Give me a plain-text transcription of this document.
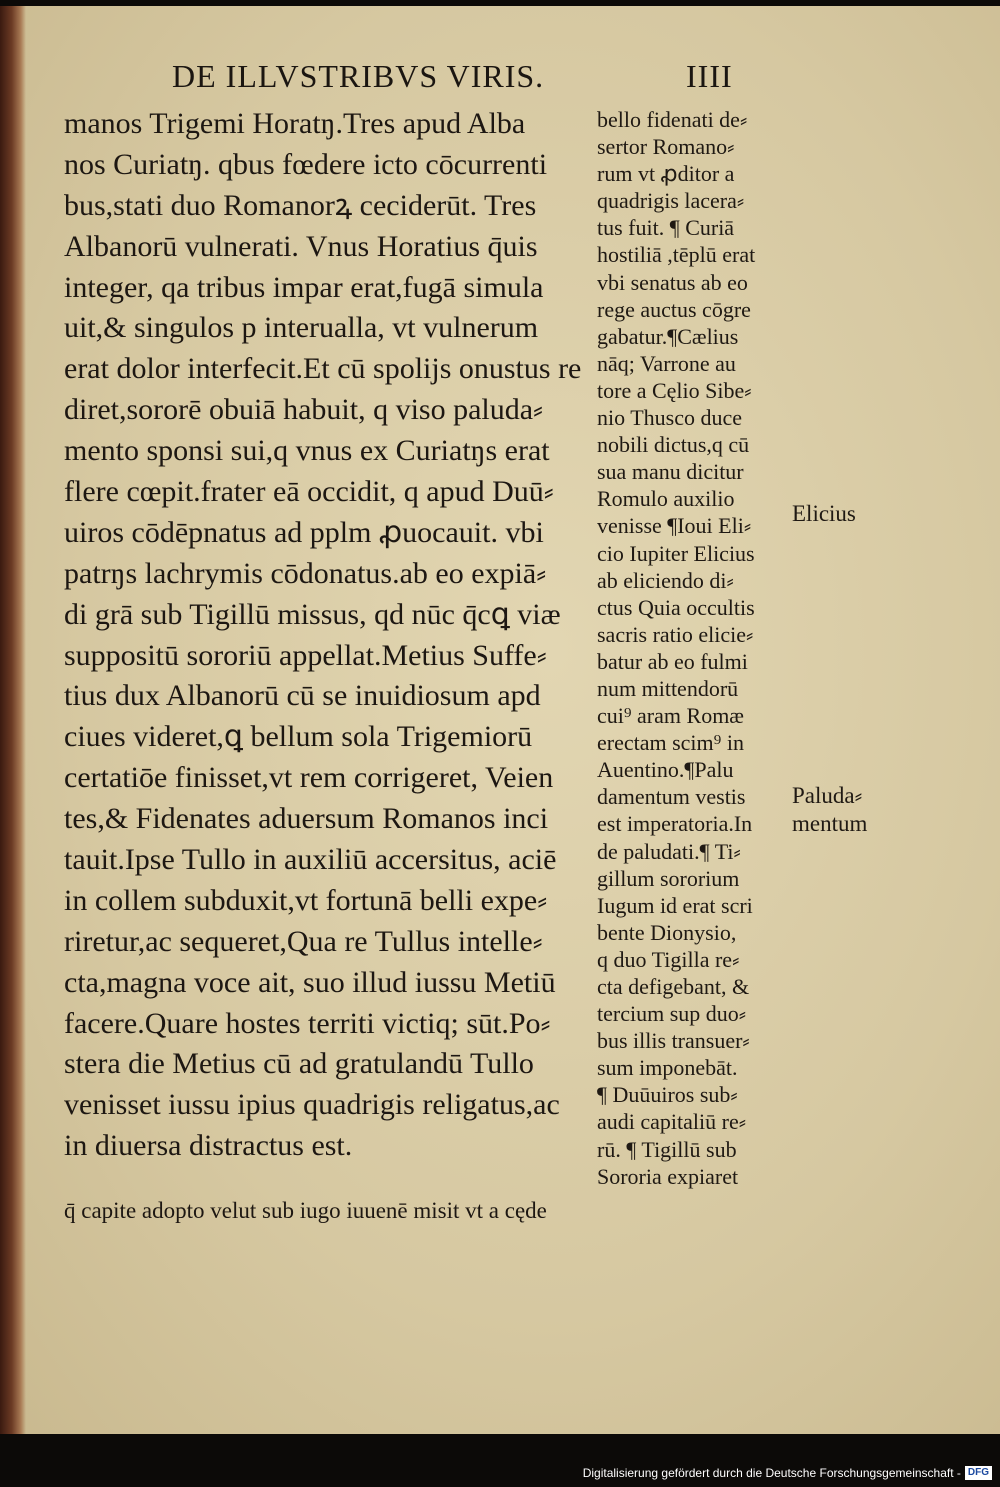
DE ILLVSTRIBVS VIRIS.	IIII
manos Trigemi Horatŋ.Tres apud Alba
nos Curiatŋ. qbus fœdere icto cōcurrenti
bus,stati duo Romanorꝝ ceciderūt. Tres
Albanorū vulnerati. Vnus Horatius q̄uis
integer, qa tribus impar erat,fugā simula
uit,& singulos p interualla, vt vulnerum
erat dolor interfecit.Et cū spolijs onustus re
diret,sororē obuiā habuit, q viso paluda⸗
mento sponsi sui,q vnus ex Curiatŋs erat
flere cœpit.frater eā occidit, q apud Duū⸗
uiros cōdēpnatus ad pplm ꝓuocauit. vbi
patrŋs lachrymis cōdonatus.ab eo expiā⸗
di grā sub Tigillū missus, qd nūc q̄cꝗ viæ
suppositū sororiū appellat.Metius Suffe⸗
tius dux Albanorū cū se inuidiosum apd
ciues videret,ꝗ bellum sola Trigemiorū
certatiōe finisset,vt rem corrigeret, Veien
tes,& Fidenates aduersum Romanos inci
tauit.Ipse Tullo in auxiliū accersitus, aciē
in collem subduxit,vt fortunā belli expe⸗
riretur,ac sequeret,Qua re Tullus intelle⸗
cta,magna voce ait, suo illud iussu Metiū
facere.Quare hostes territi victiq; sūt.Po⸗
stera die Metius cū ad gratulandū Tullo
venisset iussu ipius quadrigis religatus,ac
in diuersa distractus est.
q̄ capite adopto velut sub iugo iuuenē misit vt a cęde
bello fidenati de⸗
sertor Romano⸗
rum vt ꝓditor a
quadrigis lacera⸗
tus fuit. ¶ Curiā
hostiliā ,tēplū erat
vbi senatus ab eo
rege auctus cōgre
gabatur.¶Cælius
nāq; Varrone au
tore a Cęlio Sibe⸗
nio Thusco duce
nobili dictus,q cū
sua manu dicitur
Romulo auxilio
venisse ¶Ioui Eli⸗
cio Iupiter Elicius
ab eliciendo di⸗
ctus Quia occultis
sacris ratio elicie⸗
batur ab eo fulmi
num mittendorū
cui⁹ aram Romæ
erectam scim⁹ in
Auentino.¶Palu
damentum vestis
est imperatoria.In
de paludati.¶ Ti⸗
gillum sororium
Iugum id erat scri
bente Dionysio,
q duo Tigilla re⸗
cta defigebant, &
tercium sup duo⸗
bus illis transuer⸗
sum imponebāt.
¶ Duūuiros sub⸗
audi capitaliū re⸗
rū. ¶ Tigillū sub
Sororia expiaret
Elicius
Paluda⸗
mentum
Digitalisierung gefördert durch die Deutsche Forschungsgemeinschaft - DFG
